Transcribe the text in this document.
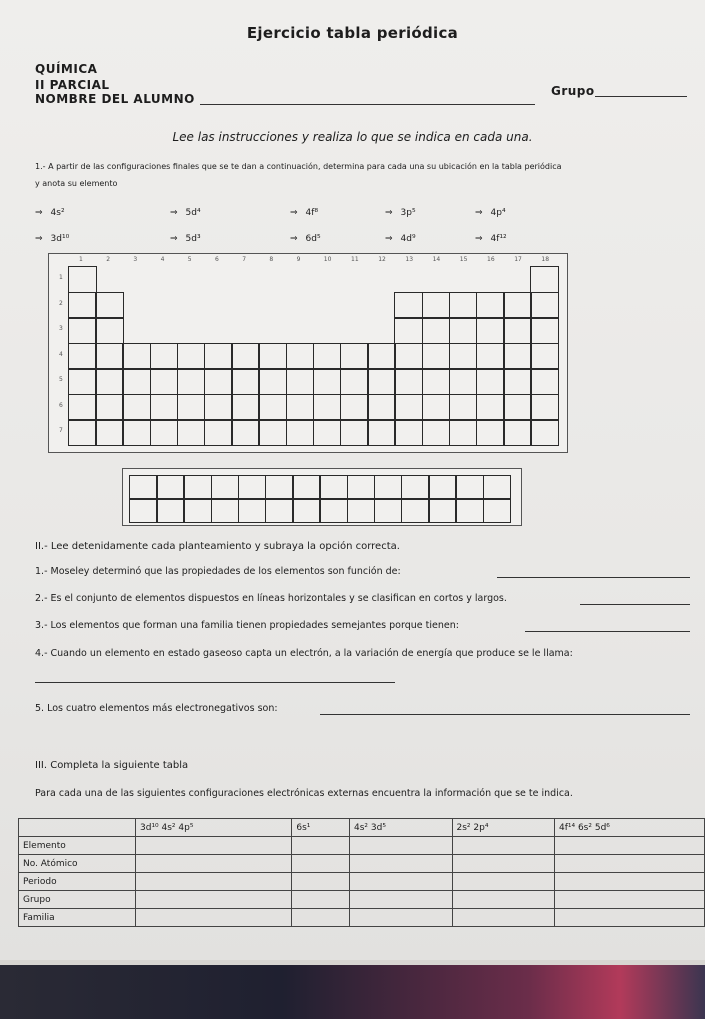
Ejercicio tabla periódica
QUÍMICA
II PARCIAL
NOMBRE DEL ALUMNO
Grupo
Lee las instrucciones y realiza lo que se indica en cada una.
1.- A partir de las configuraciones finales que se te dan a continuación, determina para cada una su ubicación en la tabla periódica
y anota su elemento
⇒ 4s²	⇒ 5d⁴	⇒ 4f⁸	⇒ 3p⁵	⇒ 4p⁴
⇒ 3d¹⁰	⇒ 5d³	⇒ 6d⁵	⇒ 4d⁹	⇒ 4f¹²
1	2	3	4	5	6	7	8	9	10	11	12	13	14	15	16	17	18
1
2
3
4
5
6
7
II.- Lee detenidamente cada planteamiento y subraya la opción correcta.
1.- Moseley determinó que las propiedades de los elementos son función de:
2.- Es el conjunto de elementos dispuestos en líneas horizontales y se clasifican en cortos y largos.
3.- Los elementos que forman una familia tienen propiedades semejantes porque tienen:
4.- Cuando un elemento en estado gaseoso capta un electrón, a la variación de energía que produce se le llama:
5. Los cuatro elementos más electronegativos son:
III. Completa la siguiente tabla
Para cada una de las siguientes configuraciones electrónicas externas encuentra la información que se te indica.
	3d¹⁰ 4s² 4p⁵	6s¹	4s² 3d⁵	2s² 2p⁴	4f¹⁴ 6s² 5d⁶
Elemento					
No. Atómico					
Periodo					
Grupo					
Familia					
